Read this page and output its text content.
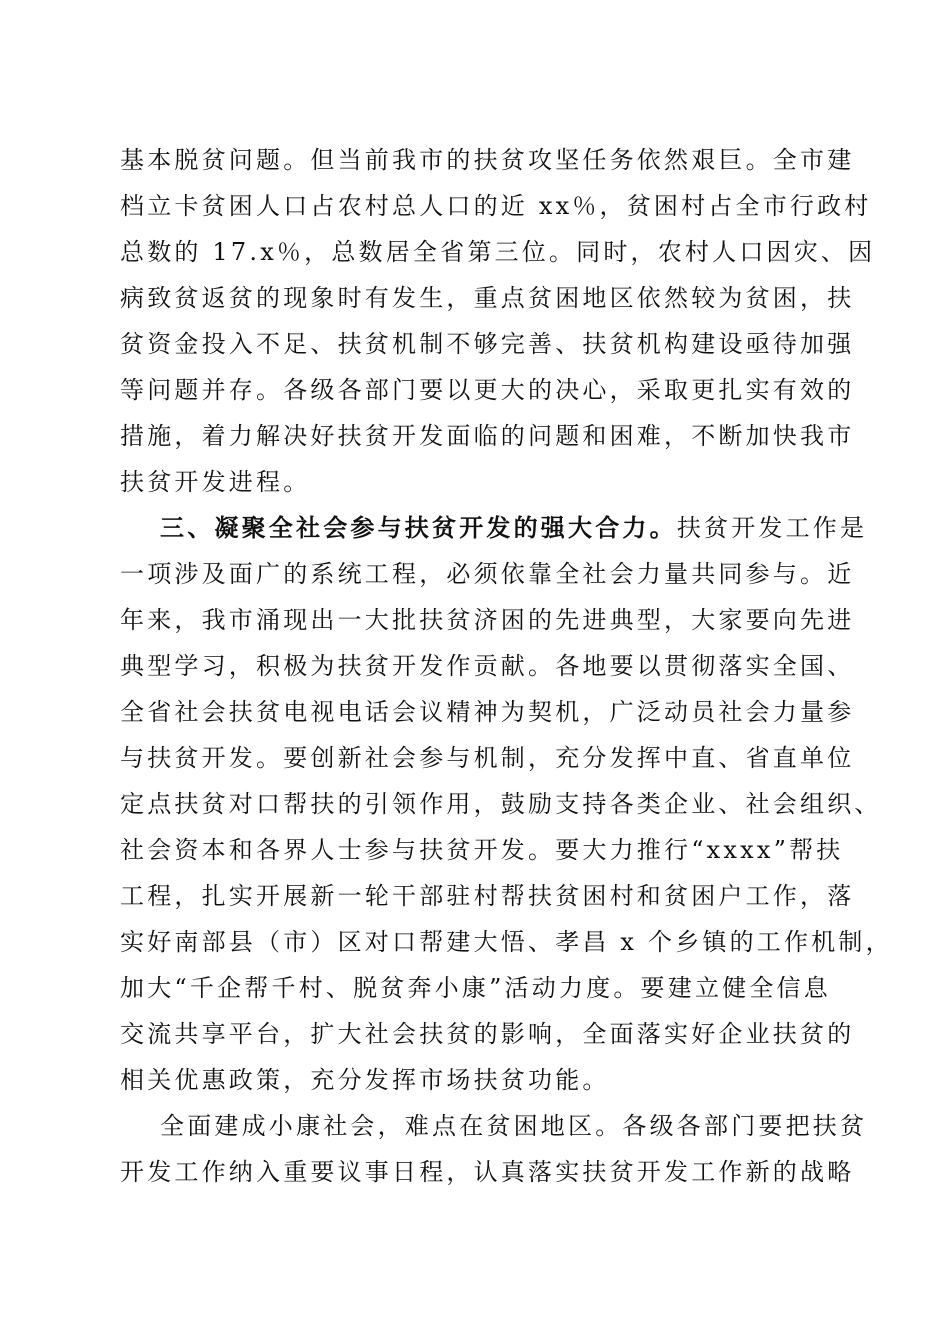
基本脱贫问题。但当前我市的扶贫攻坚任务依然艰巨。全市建
档立卡贫困人口占农村总人口的近 xx％，贫困村占全市行政村
总数的 17.x％，总数居全省第三位。同时，农村人口因灾、因
病致贫返贫的现象时有发生，重点贫困地区依然较为贫困，扶
贫资金投入不足、扶贫机制不够完善、扶贫机构建设亟待加强
等问题并存。各级各部门要以更大的决心，采取更扎实有效的
措施，着力解决好扶贫开发面临的问题和困难，不断加快我市
扶贫开发进程。
三、凝聚全社会参与扶贫开发的强大合力。扶贫开发工作是
一项涉及面广的系统工程，必须依靠全社会力量共同参与。近
年来，我市涌现出一大批扶贫济困的先进典型，大家要向先进
典型学习，积极为扶贫开发作贡献。各地要以贯彻落实全国、
全省社会扶贫电视电话会议精神为契机，广泛动员社会力量参
与扶贫开发。要创新社会参与机制，充分发挥中直、省直单位
定点扶贫对口帮扶的引领作用，鼓励支持各类企业、社会组织、
社会资本和各界人士参与扶贫开发。要大力推行“xxxx”帮扶
工程，扎实开展新一轮干部驻村帮扶贫困村和贫困户工作，落
实好南部县（市）区对口帮建大悟、孝昌 x 个乡镇的工作机制，
加大“千企帮千村、脱贫奔小康”活动力度。要建立健全信息
交流共享平台，扩大社会扶贫的影响，全面落实好企业扶贫的
相关优惠政策，充分发挥市场扶贫功能。
全面建成小康社会，难点在贫困地区。各级各部门要把扶贫
开发工作纳入重要议事日程，认真落实扶贫开发工作新的战略
